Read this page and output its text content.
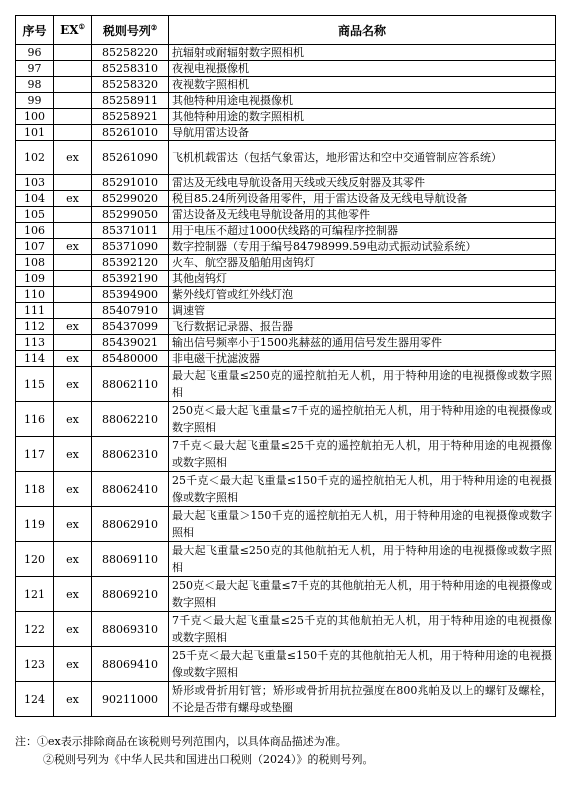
序号	EX①	税则号列②	商品名称
96		85258220	抗辐射或耐辐射数字照相机
97		85258310	夜视电视摄像机
98		85258320	夜视数字照相机
99		85258911	其他特种用途电视摄像机
100		85258921	其他特种用途的数字照相机
101		85261010	导航用雷达设备
102	ex	85261090	飞机机载雷达（包括气象雷达，地形雷达和空中交通管制应答系统）
103		85291010	雷达及无线电导航设备用天线或天线反射器及其零件
104	ex	85299020	税目85.24所列设备用零件，用于雷达设备及无线电导航设备
105		85299050	雷达设备及无线电导航设备用的其他零件
106		85371011	用于电压不超过1000伏线路的可编程序控制器
107	ex	85371090	数字控制器（专用于编号84798999.59电动式振动试验系统）
108		85392120	火车、航空器及船舶用卤钨灯
109		85392190	其他卤钨灯
110		85394900	紫外线灯管或红外线灯泡
111		85407910	调速管
112	ex	85437099	飞行数据记录器、报告器
113		85439021	输出信号频率小于1500兆赫兹的通用信号发生器用零件
114	ex	85480000	非电磁干扰滤波器
115	ex	88062110	最大起飞重量≤250克的遥控航拍无人机，用于特种用途的电视摄像或数字照相
116	ex	88062210	250克＜最大起飞重量≤7千克的遥控航拍无人机，用于特种用途的电视摄像或数字照相
117	ex	88062310	7千克＜最大起飞重量≤25千克的遥控航拍无人机，用于特种用途的电视摄像或数字照相
118	ex	88062410	25千克＜最大起飞重量≤150千克的遥控航拍无人机，用于特种用途的电视摄像或数字照相
119	ex	88062910	最大起飞重量＞150千克的遥控航拍无人机，用于特种用途的电视摄像或数字照相
120	ex	88069110	最大起飞重量≤250克的其他航拍无人机，用于特种用途的电视摄像或数字照相
121	ex	88069210	250克＜最大起飞重量≤7千克的其他航拍无人机，用于特种用途的电视摄像或数字照相
122	ex	88069310	7千克＜最大起飞重量≤25千克的其他航拍无人机，用于特种用途的电视摄像或数字照相
123	ex	88069410	25千克＜最大起飞重量≤150千克的其他航拍无人机，用于特种用途的电视摄像或数字照相
124	ex	90211000	矫形或骨折用钉管；矫形或骨折用抗拉强度在800兆帕及以上的螺钉及螺栓，不论是否带有螺母或垫圈

注：①ex表示排除商品在该税则号列范围内，以具体商品描述为准。

②税则号列为《中华人民共和国进出口税则（2024）》的税则号列。
